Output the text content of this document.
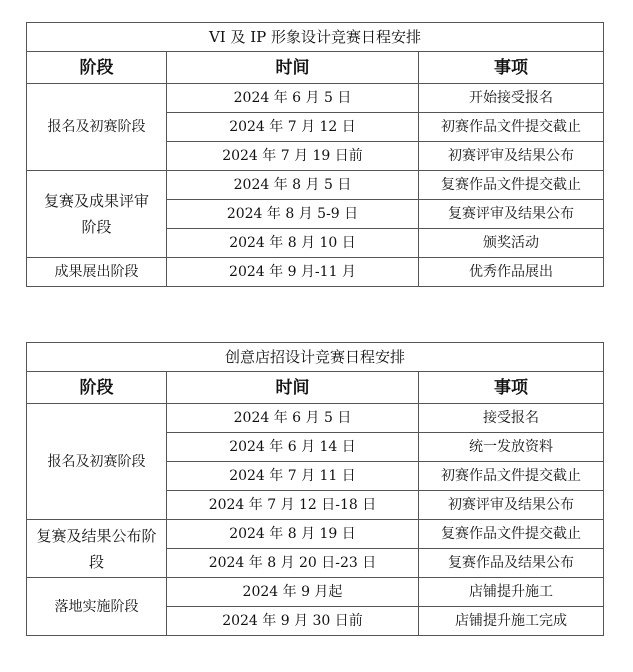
VI 及 IP 形象设计竞赛日程安排		
阶段	时间	事项
报名及初赛阶段	2024 年 6 月 5 日	开始接受报名
	2024 年 7 月 12 日	初赛作品文件提交截止
	2024 年 7 月 19 日前	初赛评审及结果公布

复赛及成果评审阶段	2024 年 8 月 5 日	复赛作品文件提交截止
	2024 年 8 月 5-9 日	复赛评审及结果公布
	2024 年 8 月 10 日	颁奖活动
成果展出阶段	2024 年 9 月-11 月	优秀作品展出
创意店招设计竞赛日程安排		
阶段	时间	事项
报名及初赛阶段	2024 年 6 月 5 日	接受报名
	2024 年 6 月 14 日	统一发放资料
	2024 年 7 月 11 日	初赛作品文件提交截止
	2024 年 7 月 12 日-18 日	初赛评审及结果公布

复赛及结果公布阶段	2024 年 8 月 19 日	复赛作品文件提交截止
	2024 年 8 月 20 日-23 日	复赛作品及结果公布
落地实施阶段	2024 年 9 月起	店铺提升施工
	2024 年 9 月 30 日前	店铺提升施工完成
